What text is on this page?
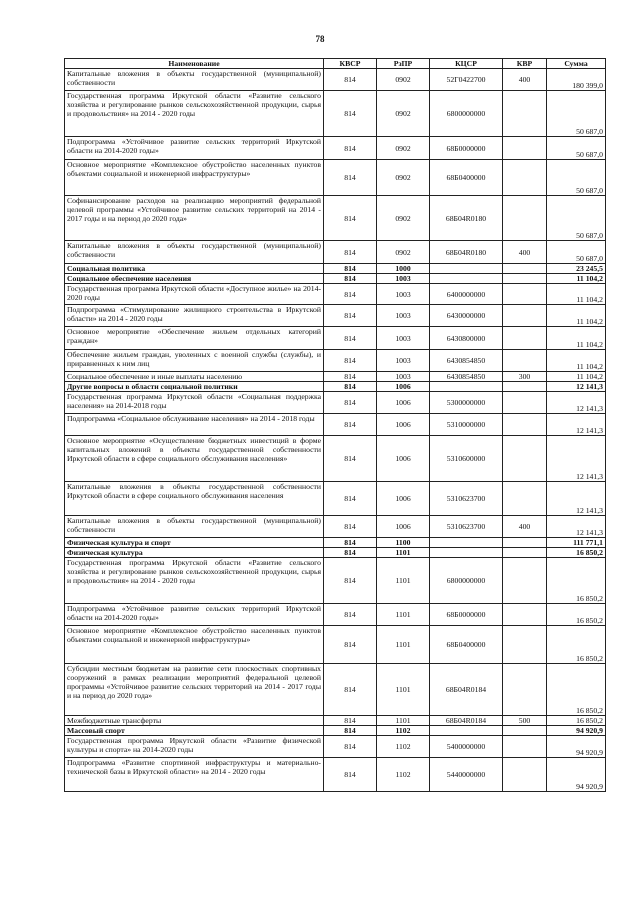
78
Наименование	КВСР	РзПР	КЦСР	КВР	Сумма
Капитальные вложения в объекты государственной (муниципальной) собственности	814	0902	52Г0422700	400	180 399,0
Государственная программа Иркутской области «Развитие сельского хозяйства и регулирование рынков сельскохозяйственной продукции, сырья и продовольствия» на 2014 - 2020 годы	814	0902	6800000000		50 687,0
Подпрограмма «Устойчивое развитие сельских территорий Иркутской области на 2014-2020 годы»	814	0902	68Б0000000		50 687,0
Основное мероприятие «Комплексное обустройство населенных пунктов объектами социальной и инженерной инфраструктуры»	814	0902	68Б0400000		50 687,0
Софинансирование расходов на реализацию мероприятий федеральной целевой программы «Устойчивое развитие сельских территорий на 2014 - 2017 годы и на период до 2020 года»	814	0902	68Б04R0180		50 687,0
Капитальные вложения в объекты государственной (муниципальной) собственности	814	0902	68Б04R0180	400	50 687,0
Социальная политика	814	1000			23 245,5
Социальное обеспечение населения	814	1003			11 104,2
Государственная программа Иркутской области «Доступное жилье» на 2014-2020 годы	814	1003	6400000000		11 104,2
Подпрограмма «Стимулирование жилищного строительства в Иркутской области» на 2014 - 2020 годы	814	1003	6430000000		11 104,2
Основное мероприятие «Обеспечение жильем отдельных категорий граждан»	814	1003	6430800000		11 104,2
Обеспечение жильем граждан, уволенных с военной службы (службы), и приравненных к ним лиц	814	1003	6430854850		11 104,2
Социальное обеспечение и иные выплаты населению	814	1003	6430854850	300	11 104,2
Другие вопросы в области социальной политики	814	1006			12 141,3
Государственная программа Иркутской области «Социальная поддержка населения» на 2014-2018 годы	814	1006	5300000000		12 141,3
Подпрограмма «Социальное обслуживание населения» на 2014 - 2018 годы	814	1006	5310000000		12 141,3
Основное мероприятие «Осуществление бюджетных инвестиций в форме капитальных вложений в объекты государственной собственности Иркутской области в сфере социального обслуживания населения»	814	1006	5310600000		12 141,3
Капитальные вложения в объекты государственной собственности Иркутской области в сфере социального обслуживания населения	814	1006	5310623700		12 141,3
Капитальные вложения в объекты государственной (муниципальной) собственности	814	1006	5310623700	400	12 141,3
Физическая культура и спорт	814	1100			111 771,1
Физическая культура	814	1101			16 850,2
Государственная программа Иркутской области «Развитие сельского хозяйства и регулирование рынков сельскохозяйственной продукции, сырья и продовольствия» на 2014 - 2020 годы	814	1101	6800000000		16 850,2
Подпрограмма «Устойчивое развитие сельских территорий Иркутской области на 2014-2020 годы»	814	1101	68Б0000000		16 850,2
Основное мероприятие «Комплексное обустройство населенных пунктов объектами социальной и инженерной инфраструктуры»	814	1101	68Б0400000		16 850,2
Субсидии местным бюджетам на развитие сети плоскостных спортивных сооружений в рамках реализации мероприятий федеральной целевой программы «Устойчивое развитие сельских территорий на 2014 - 2017 годы и на период до 2020 года»	814	1101	68Б04R0184		16 850,2
Межбюджетные трансферты	814	1101	68Б04R0184	500	16 850,2
Массовый спорт	814	1102			94 920,9
Государственная программа Иркутской области «Развитие физической культуры и спорта» на 2014-2020 годы	814	1102	5400000000		94 920,9
Подпрограмма «Развитие спортивной инфраструктуры и материально- технической базы в Иркутской области» на 2014 - 2020 годы	814	1102	5440000000		94 920,9
